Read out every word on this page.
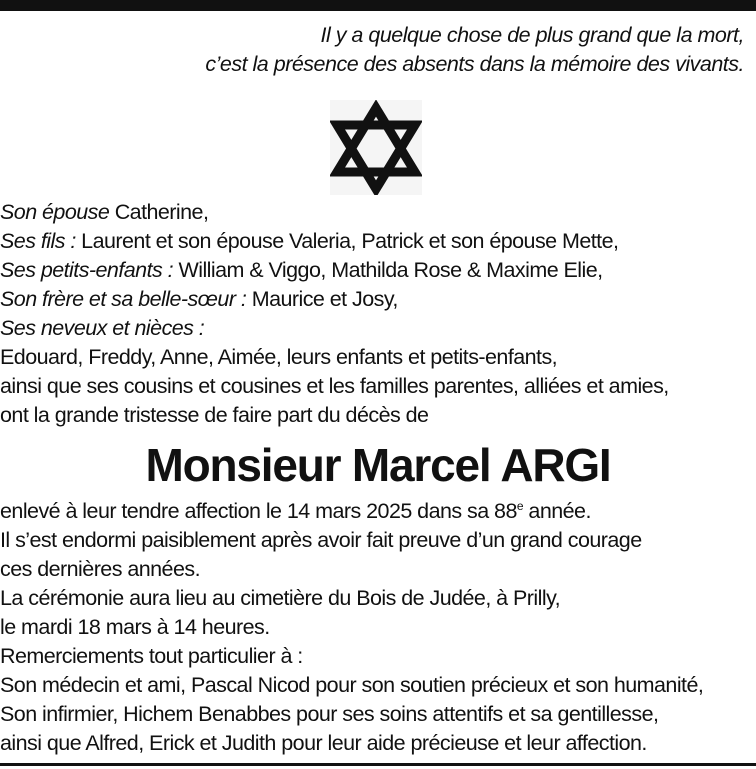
Il y a quelque chose de plus grand que la mort,
c’est la présence des absents dans la mémoire des vivants.
Son épouse Catherine,
Ses fils : Laurent et son épouse Valeria, Patrick et son épouse Mette,
Ses petits-enfants : William & Viggo, Mathilda Rose & Maxime Elie,
Son frère et sa belle-sœur : Maurice et Josy,
Ses neveux et nièces :
Edouard, Freddy, Anne, Aimée, leurs enfants et petits-enfants,
ainsi que ses cousins et cousines et les familles parentes, alliées et amies,
ont la grande tristesse de faire part du décès de
Monsieur Marcel ARGI
enlevé à leur tendre affection le 14 mars 2025 dans sa 88e année.
Il s’est endormi paisiblement après avoir fait preuve d’un grand courage
ces dernières années.
La cérémonie aura lieu au cimetière du Bois de Judée, à Prilly,
le mardi 18 mars à 14 heures.
Remerciements tout particulier à :
Son médecin et ami, Pascal Nicod pour son soutien précieux et son humanité,
Son infirmier, Hichem Benabbes pour ses soins attentifs et sa gentillesse,
ainsi que Alfred, Erick et Judith pour leur aide précieuse et leur affection.
